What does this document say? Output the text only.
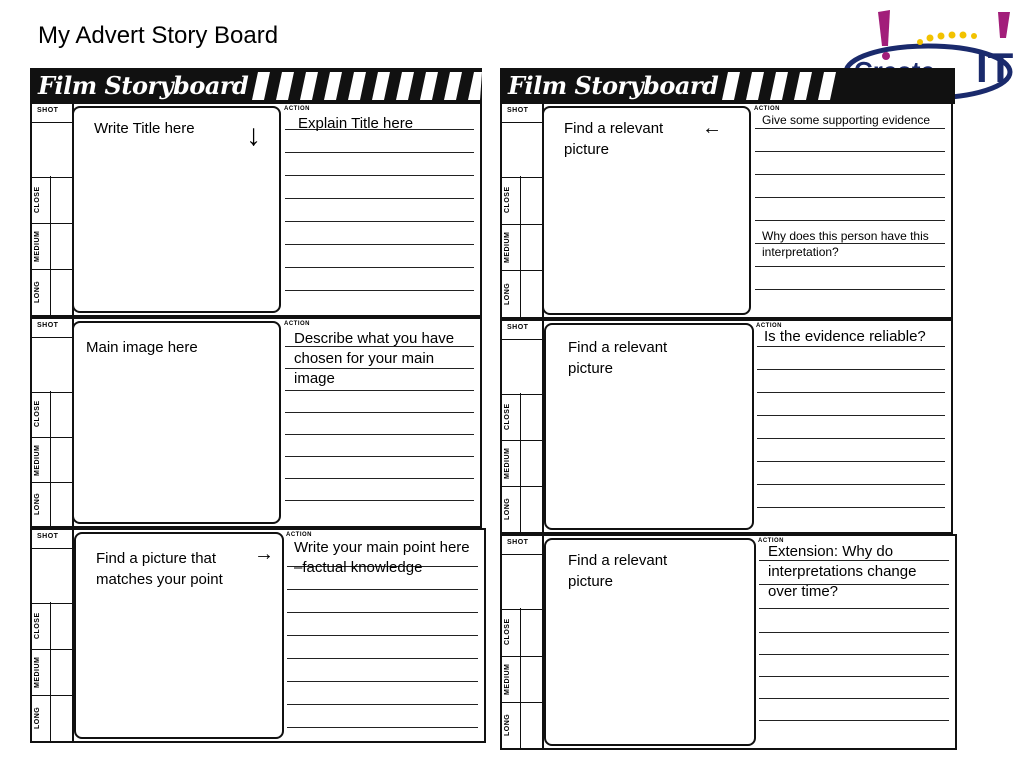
My Advert Story Board
IT
Film Storyboard
SHOT
CLOSE
MEDIUM
LONG
Write Title here ↓
ACTION
Explain Title here
SHOT
CLOSE
MEDIUM
LONG
Main image here
ACTION
Describe what you have chosen for your main image
SHOT
CLOSE
MEDIUM
LONG
Find a picture that matches your point
→
ACTION
Write your main point here –factual knowledge
Film Storyboard
SHOT
CLOSE
MEDIUM
LONG
Find a relevant picture
←
ACTION
Give some supporting evidence
Why does this person have this interpretation?
SHOT
CLOSE
MEDIUM
LONG
Find a relevant picture
ACTION
Is the evidence reliable?
SHOT
CLOSE
MEDIUM
LONG
Find a relevant picture
ACTION
Extension: Why do interpretations change over time?
